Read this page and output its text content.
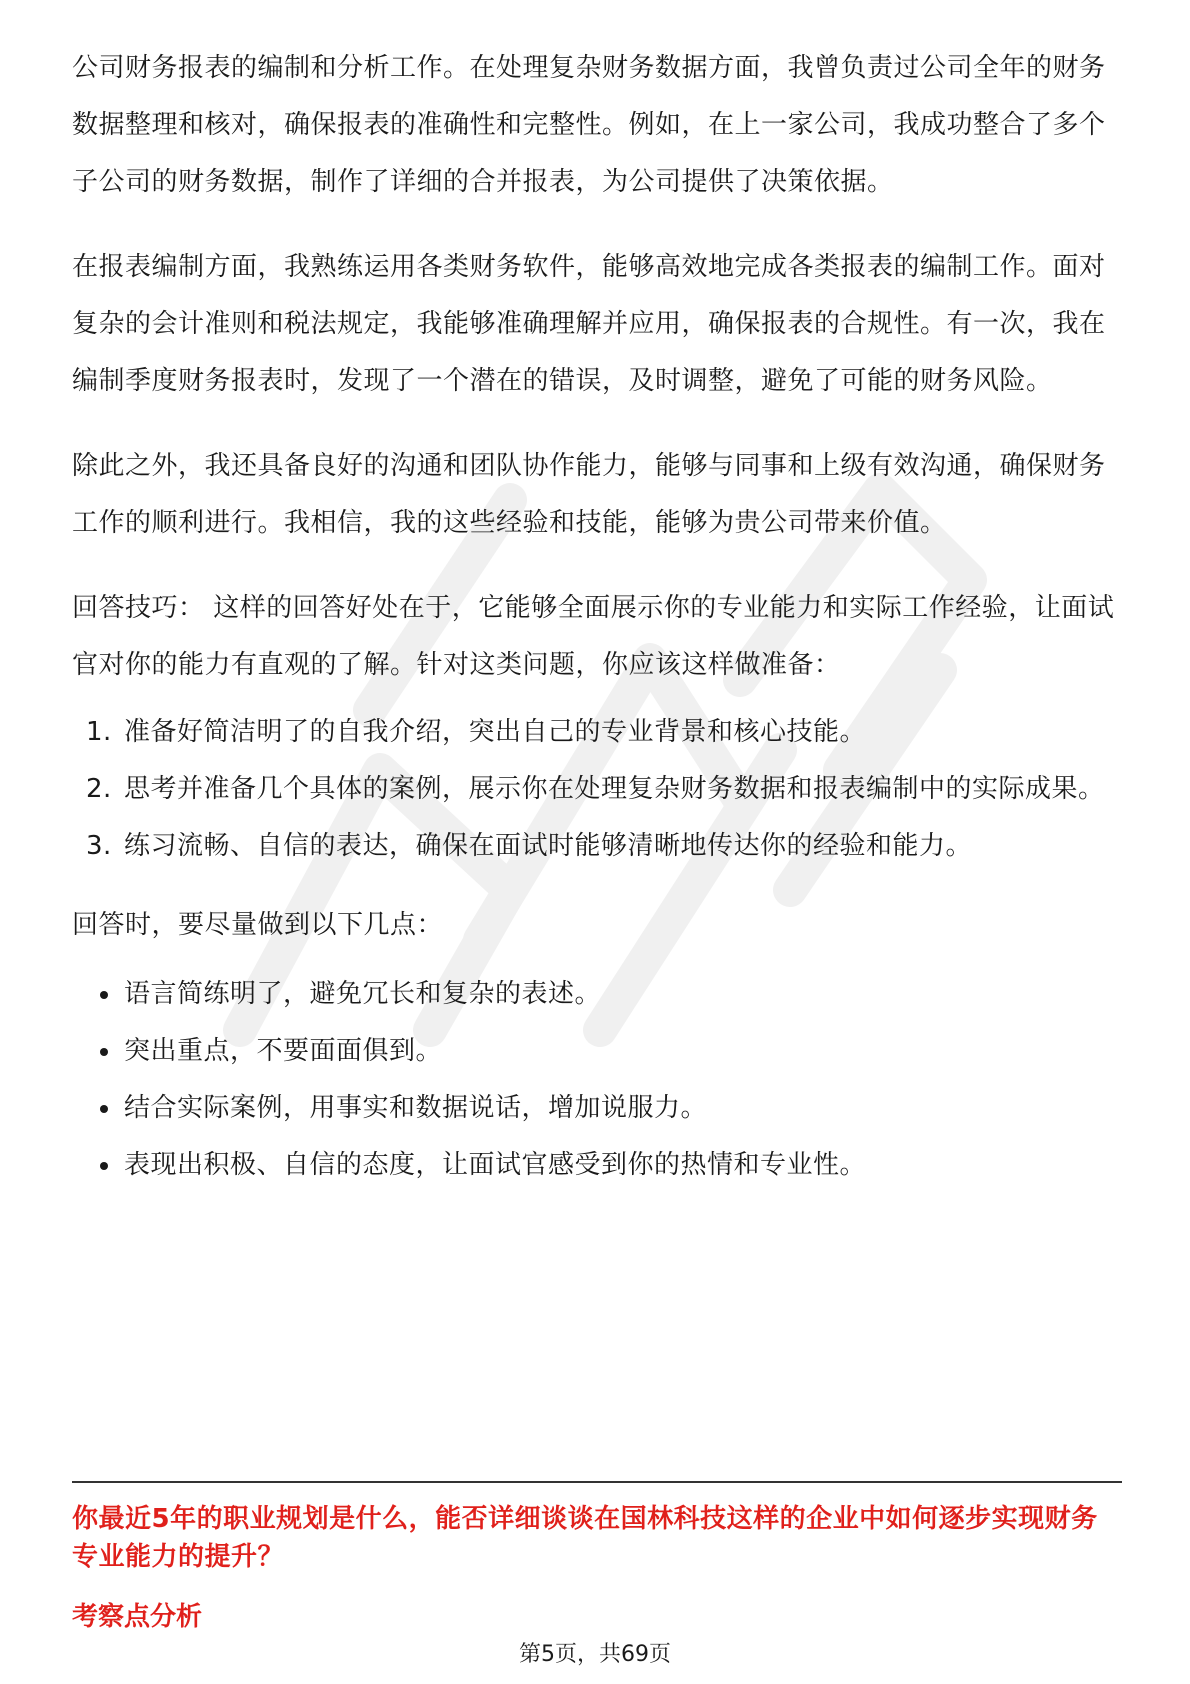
公司财务报表的编制和分析工作。在处理复杂财务数据方面，我曾负责过公司全年的财务数据整理和核对，确保报表的准确性和完整性。例如，在上一家公司，我成功整合了多个子公司的财务数据，制作了详细的合并报表，为公司提供了决策依据。

在报表编制方面，我熟练运用各类财务软件，能够高效地完成各类报表的编制工作。面对复杂的会计准则和税法规定，我能够准确理解并应用，确保报表的合规性。有一次，我在编制季度财务报表时，发现了一个潜在的错误，及时调整，避免了可能的财务风险。

除此之外，我还具备良好的沟通和团队协作能力，能够与同事和上级有效沟通，确保财务工作的顺利进行。我相信，我的这些经验和技能，能够为贵公司带来价值。

回答技巧： 这样的回答好处在于，它能够全面展示你的专业能力和实际工作经验，让面试官对你的能力有直观的了解。针对这类问题，你应该这样做准备：

1. 准备好简洁明了的自我介绍，突出自己的专业背景和核心技能。
2. 思考并准备几个具体的案例，展示你在处理复杂财务数据和报表编制中的实际成果。
3. 练习流畅、自信的表达，确保在面试时能够清晰地传达你的经验和能力。

回答时，要尽量做到以下几点：

语言简练明了，避免冗长和复杂的表述。
突出重点，不要面面俱到。
结合实际案例，用事实和数据说话，增加说服力。
表现出积极、自信的态度，让面试官感受到你的热情和专业性。
你最近5年的职业规划是什么，能否详细谈谈在国林科技这样的企业中如何逐步实现财务专业能力的提升？
考察点分析
第5页，共69页
